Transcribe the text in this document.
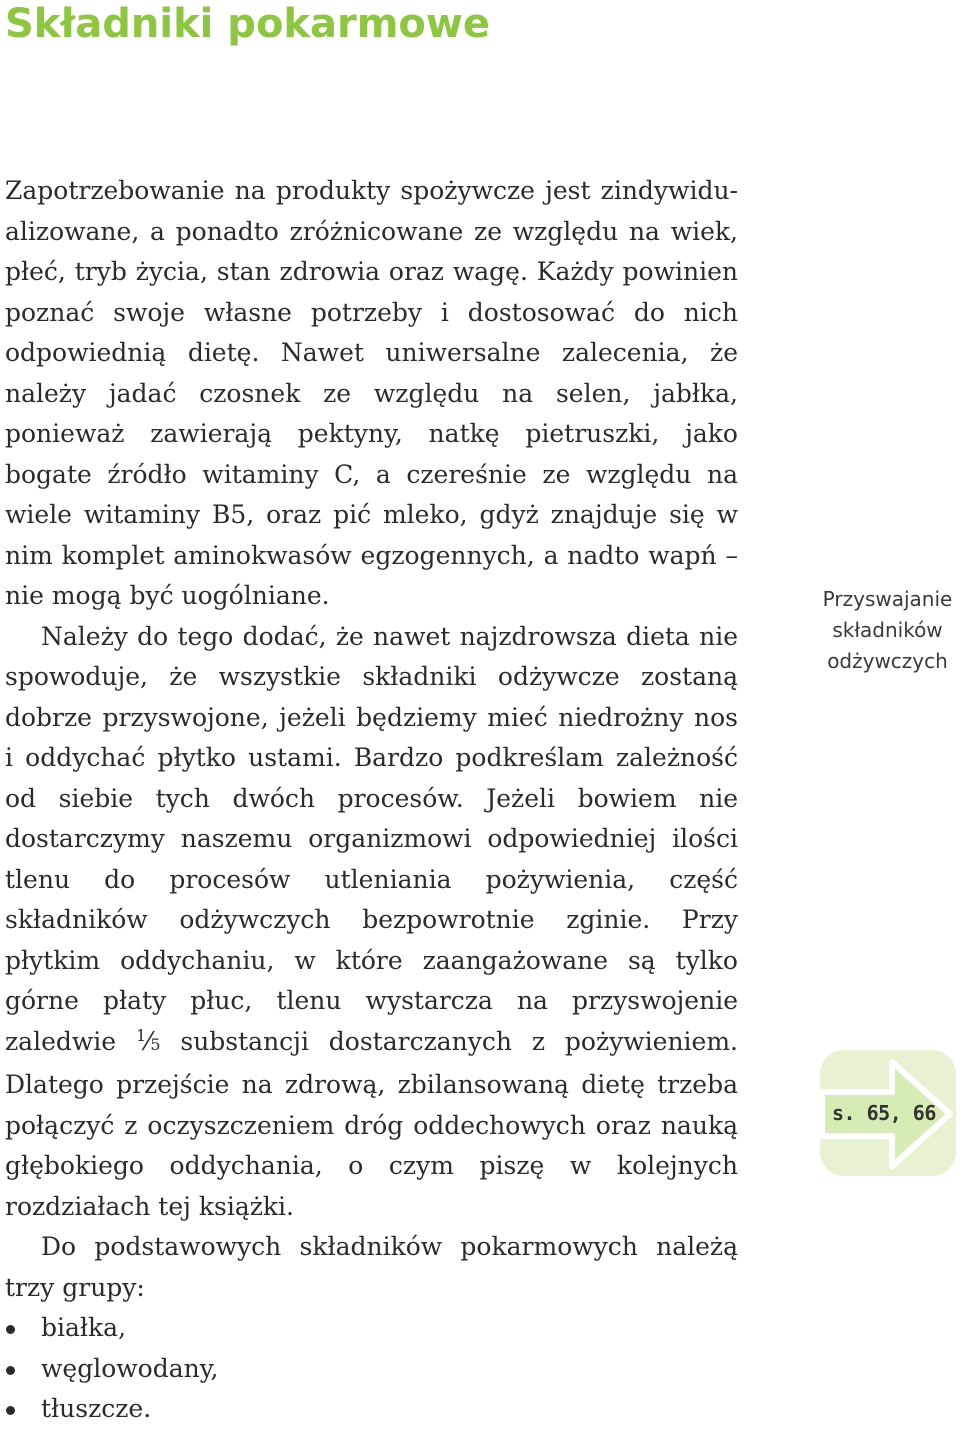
Składniki pokarmowe

Zapotrzebowanie na produkty spożywcze jest zindywidualizowane, a ponadto zróżnicowane ze względu na wiek, płeć, tryb życia, stan zdrowia oraz wagę. Każdy powinien poznać swoje własne potrzeby i dostosować do nich odpowiednią dietę. Nawet uniwersalne zalecenia, że należy jadać czosnek ze względu na selen, jabłka, ponieważ zawierają pektyny, natkę pietruszki, jako bogate źródło witaminy C, a czereśnie ze względu na wiele witaminy B5, oraz pić mleko, gdyż znajduje się w nim komplet aminokwasów egzogennych, a nadto wapń – nie mogą być uogólniane.

Należy do tego dodać, że nawet najzdrowsza dieta nie spowoduje, że wszystkie składniki odżywcze zostaną dobrze przyswojone, jeżeli będziemy mieć niedrożny nos i oddychać płytko ustami. Bardzo podkreślam zależność od siebie tych dwóch procesów. Jeżeli bowiem nie dostarczymy naszemu organizmowi odpowiedniej ilości tlenu do procesów utleniania pożywienia, część składników odżywczych bezpowrotnie zginie. Przy płytkim oddychaniu, w które zaangażowane są tylko górne płaty płuc, tlenu wystarcza na przyswojenie zaledwie $^1$⁄5 substancji dostarczanych z pożywieniem. Dlatego przejście na zdrową, zbilansowaną dietę trzeba połączyć z oczyszczeniem dróg oddechowych oraz nauką głębokiego oddychania, o czym piszę w kolejnych rozdziałach tej książki.

Do podstawowych składników pokarmowych należą trzy grupy:

białka,
węglowodany,
tłuszcze.
Przyswajanie
składników
odżywczych
s. 65, 66
